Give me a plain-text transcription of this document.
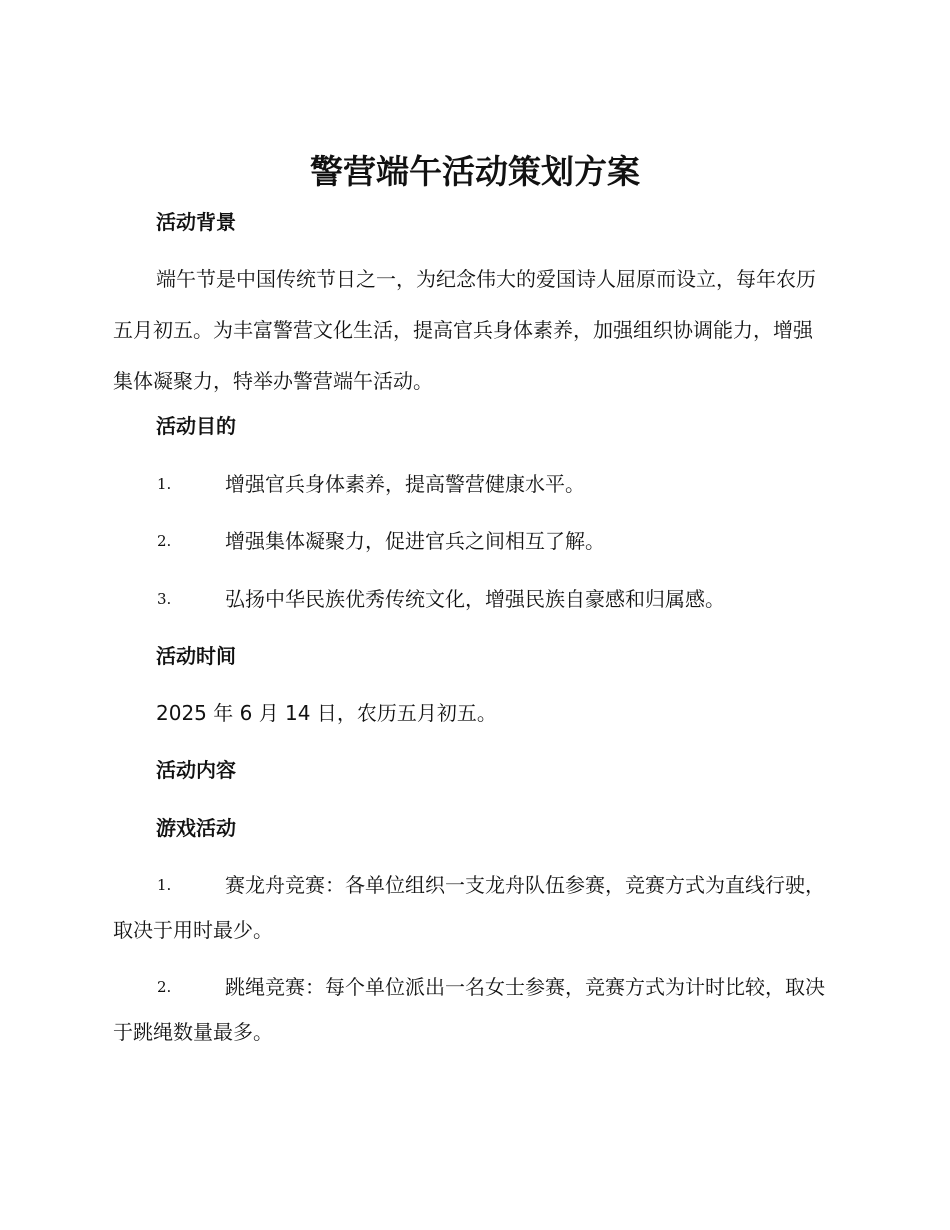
警营端午活动策划方案
活动背景

端午节是中国传统节日之一，为纪念伟大的爱国诗人屈原而设立，每年农历五月初五。为丰富警营文化生活，提高官兵身体素养，加强组织协调能力，增强集体凝聚力，特举办警营端午活动。

活动目的
1.	增强官兵身体素养，提高警营健康水平。
2.	增强集体凝聚力，促进官兵之间相互了解。
3.	弘扬中华民族优秀传统文化，增强民族自豪感和归属感。
活动时间

2025 年 6 月 14 日，农历五月初五。

活动内容
游戏活动
1.	赛龙舟竞赛：各单位组织一支龙舟队伍参赛，竞赛方式为直线行驶，取决于用时最少。

2.	跳绳竞赛：每个单位派出一名女士参赛，竞赛方式为计时比较，取决于跳绳数量最多。
